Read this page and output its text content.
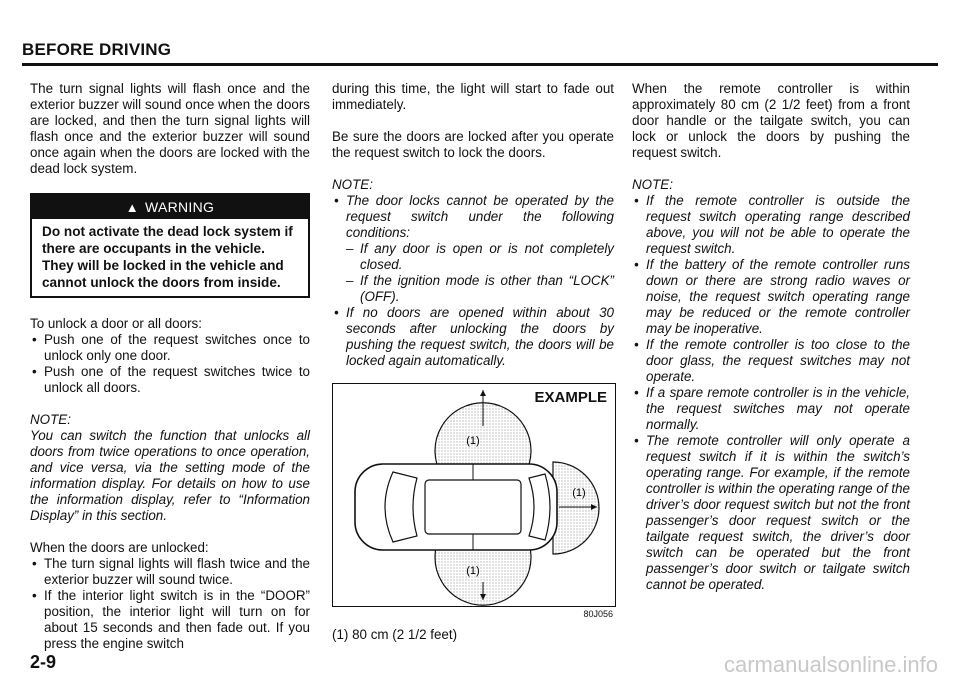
BEFORE DRIVING

The turn signal lights will flash once and the exterior buzzer will sound once when the doors are locked, and then the turn signal lights will flash once and the exterior buzzer will sound once again when the doors are locked with the dead lock system.

▲ WARNING
Do not activate the dead lock system if there are occupants in the vehicle. They will be locked in the vehicle and cannot unlock the doors from inside.

To unlock a door or all doors:

• Push one of the request switches once to unlock only one door.
• Push one of the request switches twice to unlock all doors.
NOTE:
You can switch the function that unlocks all doors from twice operations to once operation, and vice versa, via the setting mode of the information display. For details on how to use the information display, refer to “Information Display” in this section.

When the doors are unlocked:

• The turn signal lights will flash twice and the exterior buzzer will sound twice.
• If the interior light switch is in the “DOOR” position, the interior light will turn on for about 15 seconds and then fade out. If you press the engine switch

during this time, the light will start to fade out immediately.

Be sure the doors are locked after you operate the request switch to lock the doors.

NOTE:
• The door locks cannot be operated by the request switch under the following conditions:
– If any door is open or is not completely closed.
– If the ignition mode is other than “LOCK” (OFF).
• If no doors are opened within about 30 seconds after unlocking the doors by pushing the request switch, the doors will be locked again automatically.
(1)
(1)
(1)
EXAMPLE
80J056
(1) 80 cm (2 1/2 feet)

When the remote controller is within approximately 80 cm (2 1/2 feet) from a front door handle or the tailgate switch, you can lock or unlock the doors by pushing the request switch.

NOTE:
• If the remote controller is outside the request switch operating range described above, you will not be able to operate the request switch.
• If the battery of the remote controller runs down or there are strong radio waves or noise, the request switch operating range may be reduced or the remote controller may be inoperative.
• If the remote controller is too close to the door glass, the request switches may not operate.
• If a spare remote controller is in the vehicle, the request switches may not operate normally.
• The remote controller will only operate a request switch if it is within the switch’s operating range. For example, if the remote controller is within the operating range of the driver’s door request switch but not the front passenger’s door request switch or the tailgate request switch, the driver’s door switch can be operated but the front passenger’s door switch or tailgate switch cannot be operated.
2-9	carmanualsonline.info
